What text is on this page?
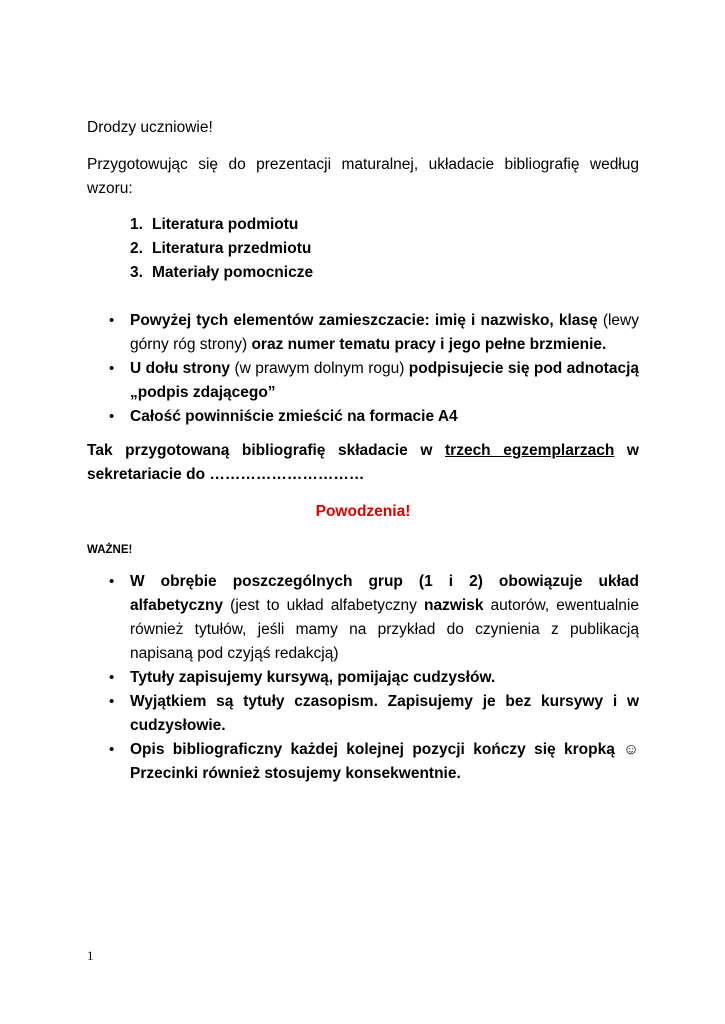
Drodzy uczniowie!

Przygotowując się do prezentacji maturalnej, układacie bibliografię według wzoru:

1. Literatura podmiotu
2. Literatura przedmiotu
3. Materiały pomocnicze
• Powyżej tych elementów zamieszczacie: imię i nazwisko, klasę (lewy górny róg strony) oraz numer tematu pracy i jego pełne brzmienie.
• U dołu strony (w prawym dolnym rogu) podpisujecie się pod adnotacją „podpis zdającego”
• Całość powinniście zmieścić na formacie A4

Tak przygotowaną bibliografię składacie w trzech egzemplarzach w sekretariacie do …………………………

Powodzenia!

WAŻNE!

• W obrębie poszczególnych grup (1 i 2) obowiązuje układ alfabetyczny (jest to układ alfabetyczny nazwisk autorów, ewentualnie również tytułów, jeśli mamy na przykład do czynienia z publikacją napisaną pod czyjąś redakcją)
• Tytuły zapisujemy kursywą, pomijając cudzysłów.
• Wyjątkiem są tytuły czasopism. Zapisujemy je bez kursywy i w cudzysłowie.
• Opis bibliograficzny każdej kolejnej pozycji kończy się kropką ☺ Przecinki również stosujemy konsekwentnie.
1
